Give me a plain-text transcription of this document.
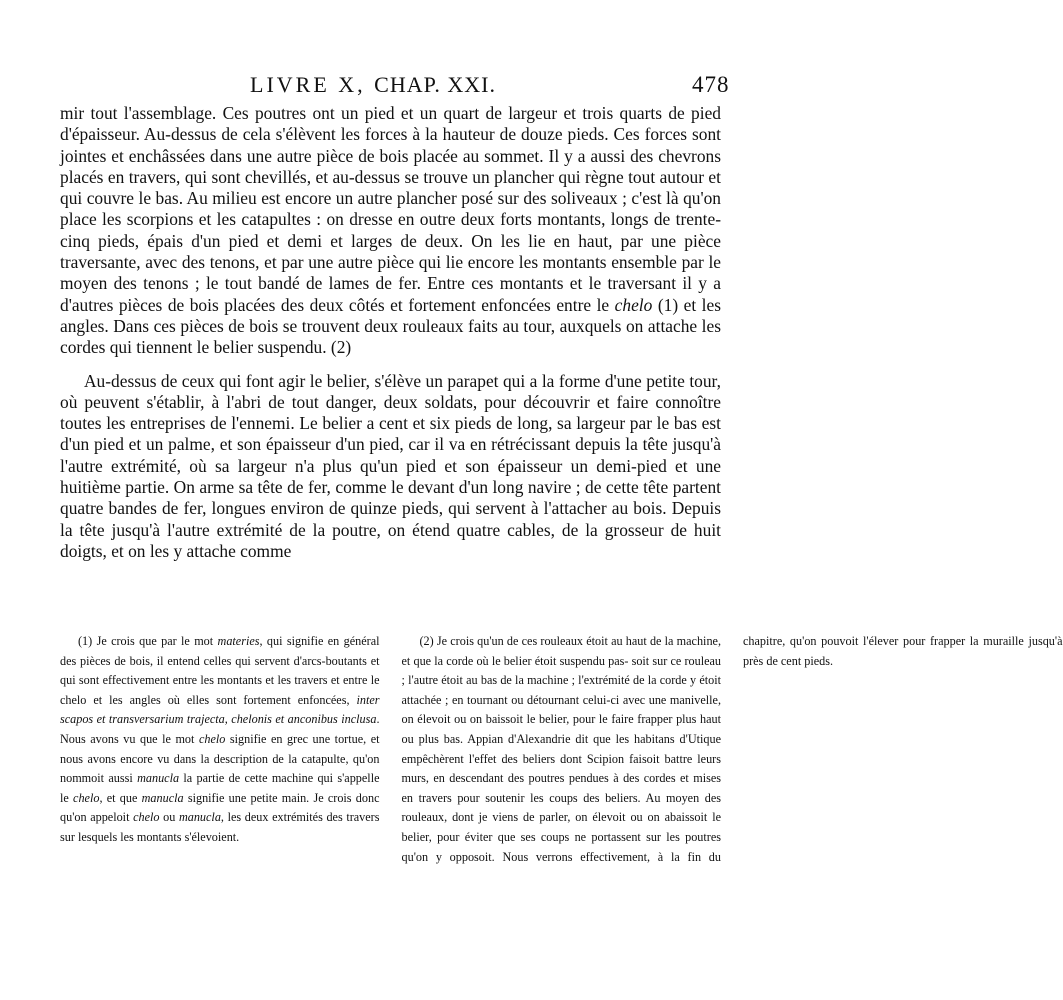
LIVRE X, CHAP. XXI.	478

mir tout l'assemblage. Ces poutres ont un pied et un quart de largeur et trois quarts de pied d'épaisseur. Au-dessus de cela s'élèvent les forces à la hauteur de douze pieds. Ces forces sont jointes et enchâssées dans une autre pièce de bois placée au sommet. Il y a aussi des chevrons placés en travers, qui sont chevillés, et au-dessus se trouve un plancher qui règne tout autour et qui couvre le bas. Au milieu est encore un autre plancher posé sur des soliveaux ; c'est là qu'on place les scorpions et les catapultes : on dresse en outre deux forts montants, longs de trente-cinq pieds, épais d'un pied et demi et larges de deux. On les lie en haut, par une pièce traversante, avec des tenons, et par une autre pièce qui lie encore les montants ensemble par le moyen des tenons ; le tout bandé de lames de fer. Entre ces montants et le traversant il y a d'autres pièces de bois placées des deux côtés et fortement enfoncées entre le chelo (1) et les angles. Dans ces pièces de bois se trouvent deux rouleaux faits au tour, auxquels on attache les cordes qui tiennent le belier suspendu. (2)

Au-dessus de ceux qui font agir le belier, s'élève un parapet qui a la forme d'une petite tour, où peuvent s'établir, à l'abri de tout danger, deux soldats, pour découvrir et faire connoître toutes les entreprises de l'ennemi. Le belier a cent et six pieds de long, sa largeur par le bas est d'un pied et un palme, et son épaisseur d'un pied, car il va en rétrécissant depuis la tête jusqu'à l'autre extrémité, où sa largeur n'a plus qu'un pied et son épaisseur un demi-pied et une huitième partie. On arme sa tête de fer, comme le devant d'un long navire ; de cette tête partent quatre bandes de fer, longues environ de quinze pieds, qui servent à l'attacher au bois. Depuis la tête jusqu'à l'autre extrémité de la poutre, on étend quatre cables, de la grosseur de huit doigts, et on les y attache comme

(1) Je crois que par le mot materies, qui signifie en général des pièces de bois, il entend celles qui servent d'arcs-boutants et qui sont effectivement entre les montants et les travers et entre le chelo et les angles où elles sont fortement enfoncées, inter scapos et transversarium trajecta, chelonis et anconibus inclusa. Nous avons vu que le mot chelo signifie en grec une tortue, et nous avons encore vu dans la description de la catapulte, qu'on nommoit aussi manucla la partie de cette machine qui s'appelle le chelo, et que manucla signifie une petite main. Je crois donc qu'on appeloit chelo ou manucla, les deux extrémités des travers sur lesquels les montants s'élevoient.

(2) Je crois qu'un de ces rouleaux étoit au haut de la machine, et que la corde où le belier étoit suspendu pas- soit sur ce rouleau ; l'autre étoit au bas de la machine ; l'extrémité de la corde y étoit attachée ; en tournant ou détournant celui-ci avec une manivelle, on élevoit ou on baissoit le belier, pour le faire frapper plus haut ou plus bas. Appian d'Alexandrie dit que les habitans d'Utique empêchèrent l'effet des beliers dont Scipion faisoit battre leurs murs, en descendant des poutres pendues à des cordes et mises en travers pour soutenir les coups des beliers. Au moyen des rouleaux, dont je viens de parler, on élevoit ou on abaissoit le belier, pour éviter que ses coups ne portassent sur les poutres qu'on y opposoit. Nous verrons effectivement, à la fin du chapitre, qu'on pouvoit l'élever pour frapper la muraille jusqu'à près de cent pieds.
